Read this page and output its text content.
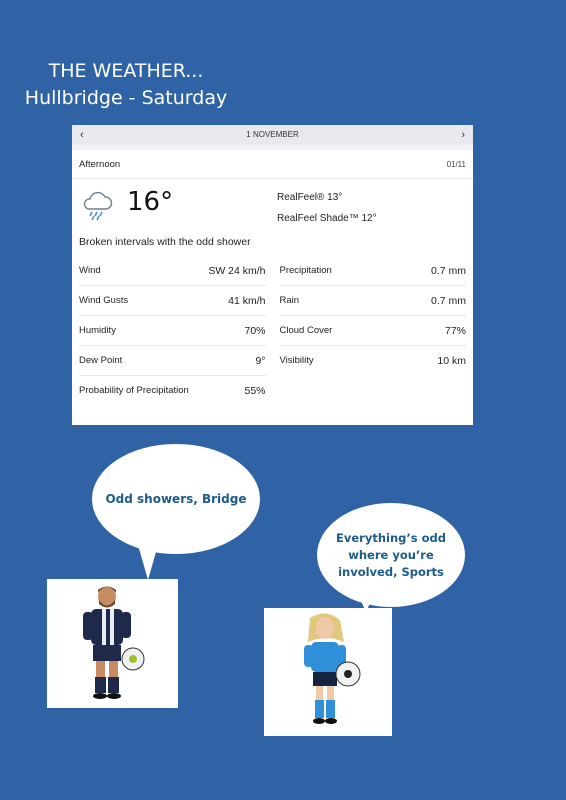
THE WEATHER...
Hullbridge - Saturday
‹	1 NOVEMBER	›
Afternoon	01/11
16°	RealFeel® 13°
RealFeel Shade™ 12°
Broken intervals with the odd shower
Wind	SW 24 km/h
Wind Gusts	41 km/h
Humidity	70%
Dew Point	9°
Probability of Precipitation	55%
Precipitation	0.7 mm
Rain	0.7 mm
Cloud Cover	77%
Visibility	10 km
Odd showers, Bridge
Everything’s odd where you’re involved, Sports
